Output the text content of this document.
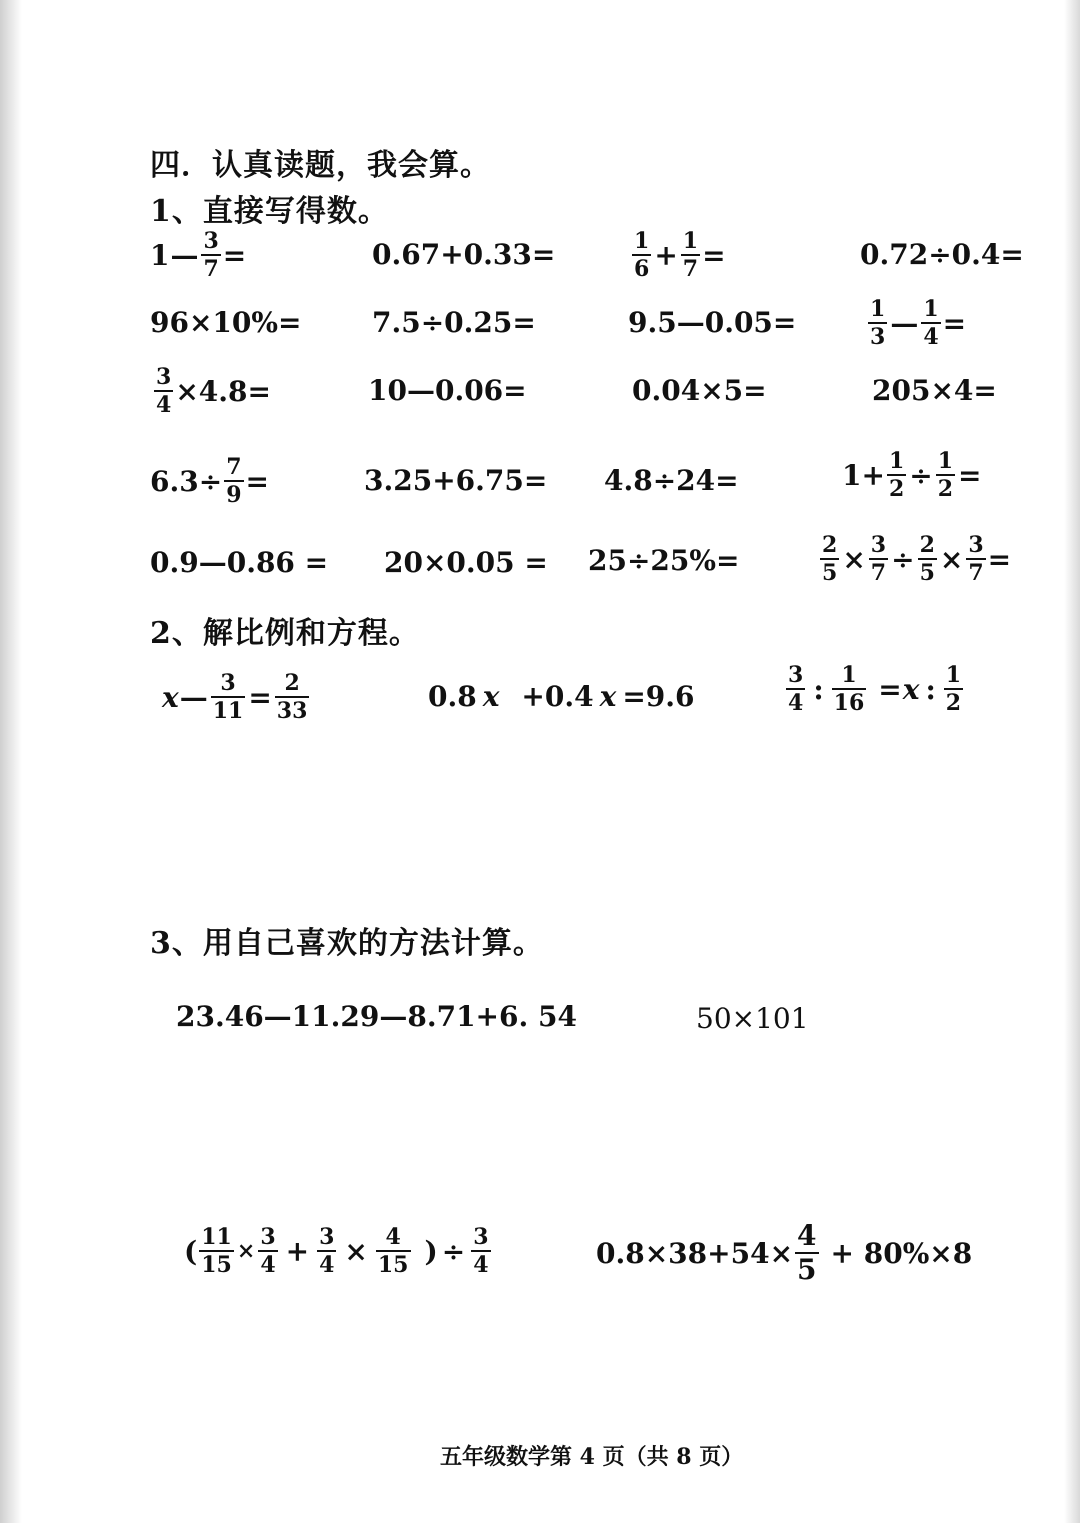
四．认真读题，我会算。
1、直接写得数。
1 — $\frac{3}{7}$ =	0.67+0.33=	$\frac{1}{6} + \frac{1}{7}$ =	0.72÷0.4=
96×10%=	7.5÷0.25=	9.5—0.05=	$\frac{1}{3}$ — $\frac{1}{4}$ =
$\frac{3}{4} \times 4.8=$	10—0.06=	0.04×5=	205×4=
$6.3\div \frac{7}{9}$ =	3.25+6.75= 4.8÷24=	$1+ \frac{1}{2} \div \frac{1}{2}$ =
0.9—0.86 = 20×0.05 = 25÷25%=	$\frac{2}{5} \times \frac{3}{7} \div \frac{2}{5} \times \frac{3}{7}$ =
2、解比例和方程。
x — $\frac{3}{11} = \frac{2}{33}$	0.8 x +0.4 x =9.6	$\frac{3}{4}$ : $\frac{1}{16} = x$ : $\frac{1}{2}$
3、用自己喜欢的方法计算。
23.46—11.29—8.71+6. 54	50×101
( $\frac{11}{15} \times \frac{3}{4} + \frac{3}{4} \times \frac{4}{15}$ ) ÷ $\frac{3}{4}$	$0.8\times 38+54\times \frac{4}{5} + 80\%\times 8$
五年级数学第 4 页（共 8 页）
